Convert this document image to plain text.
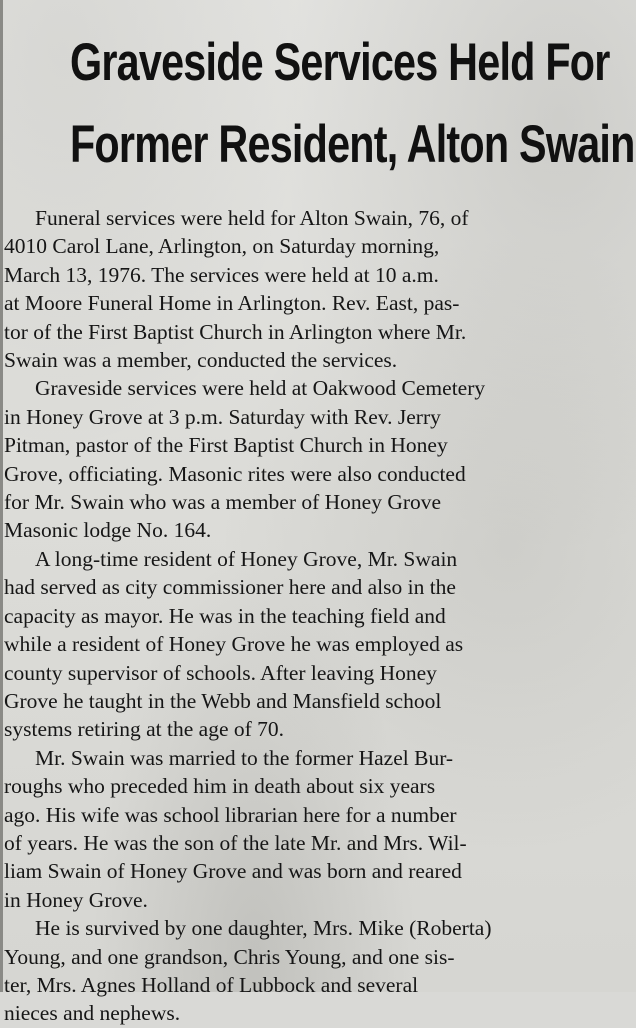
Graveside Services Held For
Former Resident, Alton Swain
Funeral services were held for Alton Swain, 76, of
4010 Carol Lane, Arlington, on Saturday morning,
March 13, 1976. The services were held at 10 a.m.
at Moore Funeral Home in Arlington. Rev. East, pas-
tor of the First Baptist Church in Arlington where Mr.
Swain was a member, conducted the services.
Graveside services were held at Oakwood Cemetery
in Honey Grove at 3 p.m. Saturday with Rev. Jerry
Pitman, pastor of the First Baptist Church in Honey
Grove, officiating. Masonic rites were also conducted
for Mr. Swain who was a member of Honey Grove
Masonic lodge No. 164.
A long-time resident of Honey Grove, Mr. Swain
had served as city commissioner here and also in the
capacity as mayor. He was in the teaching field and
while a resident of Honey Grove he was employed as
county supervisor of schools. After leaving Honey
Grove he taught in the Webb and Mansfield school
systems retiring at the age of 70.
Mr. Swain was married to the former Hazel Bur-
roughs who preceded him in death about six years
ago. His wife was school librarian here for a number
of years. He was the son of the late Mr. and Mrs. Wil-
liam Swain of Honey Grove and was born and reared
in Honey Grove.
He is survived by one daughter, Mrs. Mike (Roberta)
Young, and one grandson, Chris Young, and one sis-
ter, Mrs. Agnes Holland of Lubbock and several
nieces and nephews.
